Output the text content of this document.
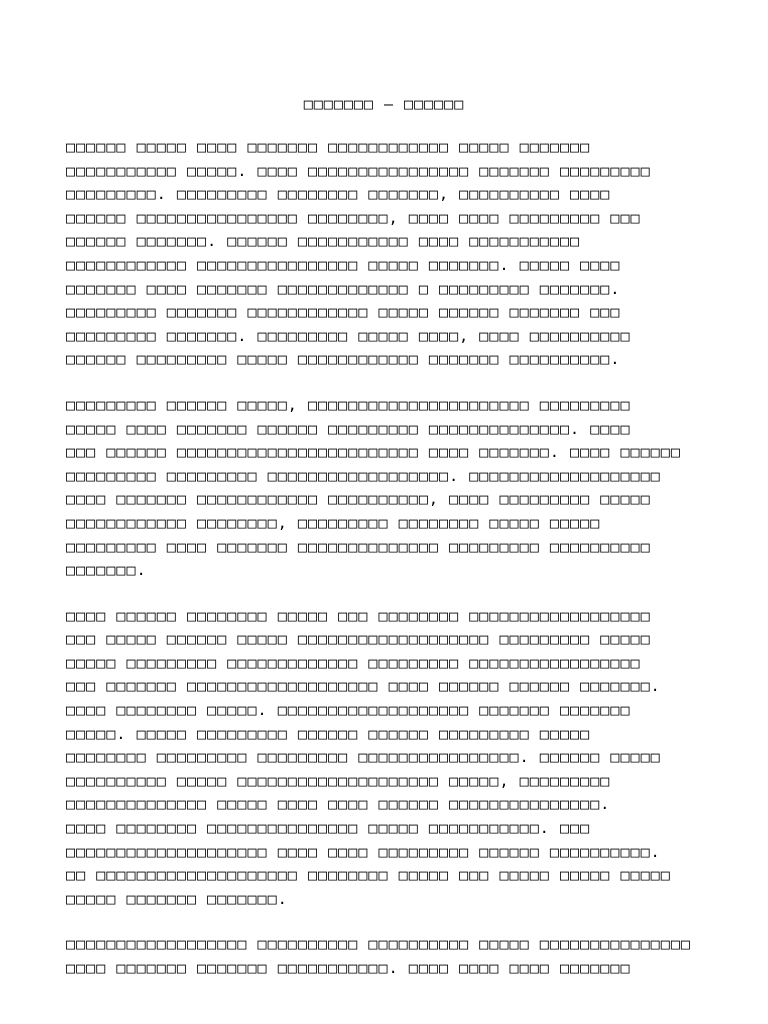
□□□□□□□ – □□□□□□
□□□□□□ □□□□□ □□□□ □□□□□□□ □□□□□□□□□□□□ □□□□□ □□□□□□□
□□□□□□□□□□□ □□□□□. □□□□ □□□□□□□□□□□□□□□□ □□□□□□□ □□□□□□□□□
□□□□□□□□□. □□□□□□□□□ □□□□□□□□ □□□□□□□, □□□□□□□□□□ □□□□
□□□□□□ □□□□□□□□□□□□□□□□ □□□□□□□□, □□□□ □□□□ □□□□□□□□□ □□□
□□□□□□ □□□□□□□. □□□□□□ □□□□□□□□□□□ □□□□ □□□□□□□□□□□
□□□□□□□□□□□□ □□□□□□□□□□□□□□□□ □□□□□ □□□□□□□. □□□□□ □□□□
□□□□□□□ □□□□ □□□□□□□ □□□□□□□□□□□□□ □ □□□□□□□□□ □□□□□□□.
□□□□□□□□□ □□□□□□□ □□□□□□□□□□□□ □□□□□ □□□□□□ □□□□□□□ □□□
□□□□□□□□□ □□□□□□□. □□□□□□□□□ □□□□□ □□□□, □□□□ □□□□□□□□□□
□□□□□□ □□□□□□□□□ □□□□□ □□□□□□□□□□□□ □□□□□□□ □□□□□□□□□□.
□□□□□□□□□ □□□□□□ □□□□□, □□□□□□□□□□□□□□□□□□□□□□ □□□□□□□□□
□□□□□ □□□□ □□□□□□□ □□□□□□ □□□□□□□□□ □□□□□□□□□□□□□□. □□□□
□□□ □□□□□□ □□□□□□□□□□□□□□□□□□□□□□□□ □□□□ □□□□□□□. □□□□ □□□□□□
□□□□□□□□□ □□□□□□□□□ □□□□□□□□□□□□□□□□□□. □□□□□□□□□□□□□□□□□□□
□□□□ □□□□□□□ □□□□□□□□□□□□ □□□□□□□□□□, □□□□ □□□□□□□□□ □□□□□
□□□□□□□□□□□□ □□□□□□□□, □□□□□□□□□ □□□□□□□□ □□□□□ □□□□□
□□□□□□□□□ □□□□ □□□□□□□ □□□□□□□□□□□□□□ □□□□□□□□□ □□□□□□□□□□
□□□□□□□.
□□□□ □□□□□□ □□□□□□□□ □□□□□ □□□ □□□□□□□□ □□□□□□□□□□□□□□□□□□
□□□ □□□□□ □□□□□□ □□□□□ □□□□□□□□□□□□□□□□□□□ □□□□□□□□□ □□□□□
□□□□□ □□□□□□□□□ □□□□□□□□□□□□□ □□□□□□□□□ □□□□□□□□□□□□□□□□□
□□□ □□□□□□□ □□□□□□□□□□□□□□□□□□□ □□□□ □□□□□□ □□□□□□ □□□□□□□.
□□□□ □□□□□□□□ □□□□□. □□□□□□□□□□□□□□□□□□□ □□□□□□□ □□□□□□□
□□□□□. □□□□□ □□□□□□□□□ □□□□□□ □□□□□□ □□□□□□□□□ □□□□□
□□□□□□□□ □□□□□□□□□ □□□□□□□□□ □□□□□□□□□□□□□□□□. □□□□□□ □□□□□
□□□□□□□□□□ □□□□□ □□□□□□□□□□□□□□□□□□□□ □□□□□, □□□□□□□□□
□□□□□□□□□□□□□□ □□□□□ □□□□ □□□□ □□□□□□ □□□□□□□□□□□□□□□.
□□□□ □□□□□□□□ □□□□□□□□□□□□□□□ □□□□□ □□□□□□□□□□□. □□□
□□□□□□□□□□□□□□□□□□□□ □□□□ □□□□ □□□□□□□□□ □□□□□□ □□□□□□□□□□.
□□ □□□□□□□□□□□□□□□□□□□□ □□□□□□□□ □□□□□ □□□ □□□□□ □□□□□ □□□□□
□□□□□ □□□□□□□ □□□□□□□.
□□□□□□□□□□□□□□□□□□ □□□□□□□□□□ □□□□□□□□□□ □□□□□ □□□□□□□□□□□□□□□
□□□□ □□□□□□□ □□□□□□□ □□□□□□□□□□□. □□□□ □□□□ □□□□ □□□□□□□
